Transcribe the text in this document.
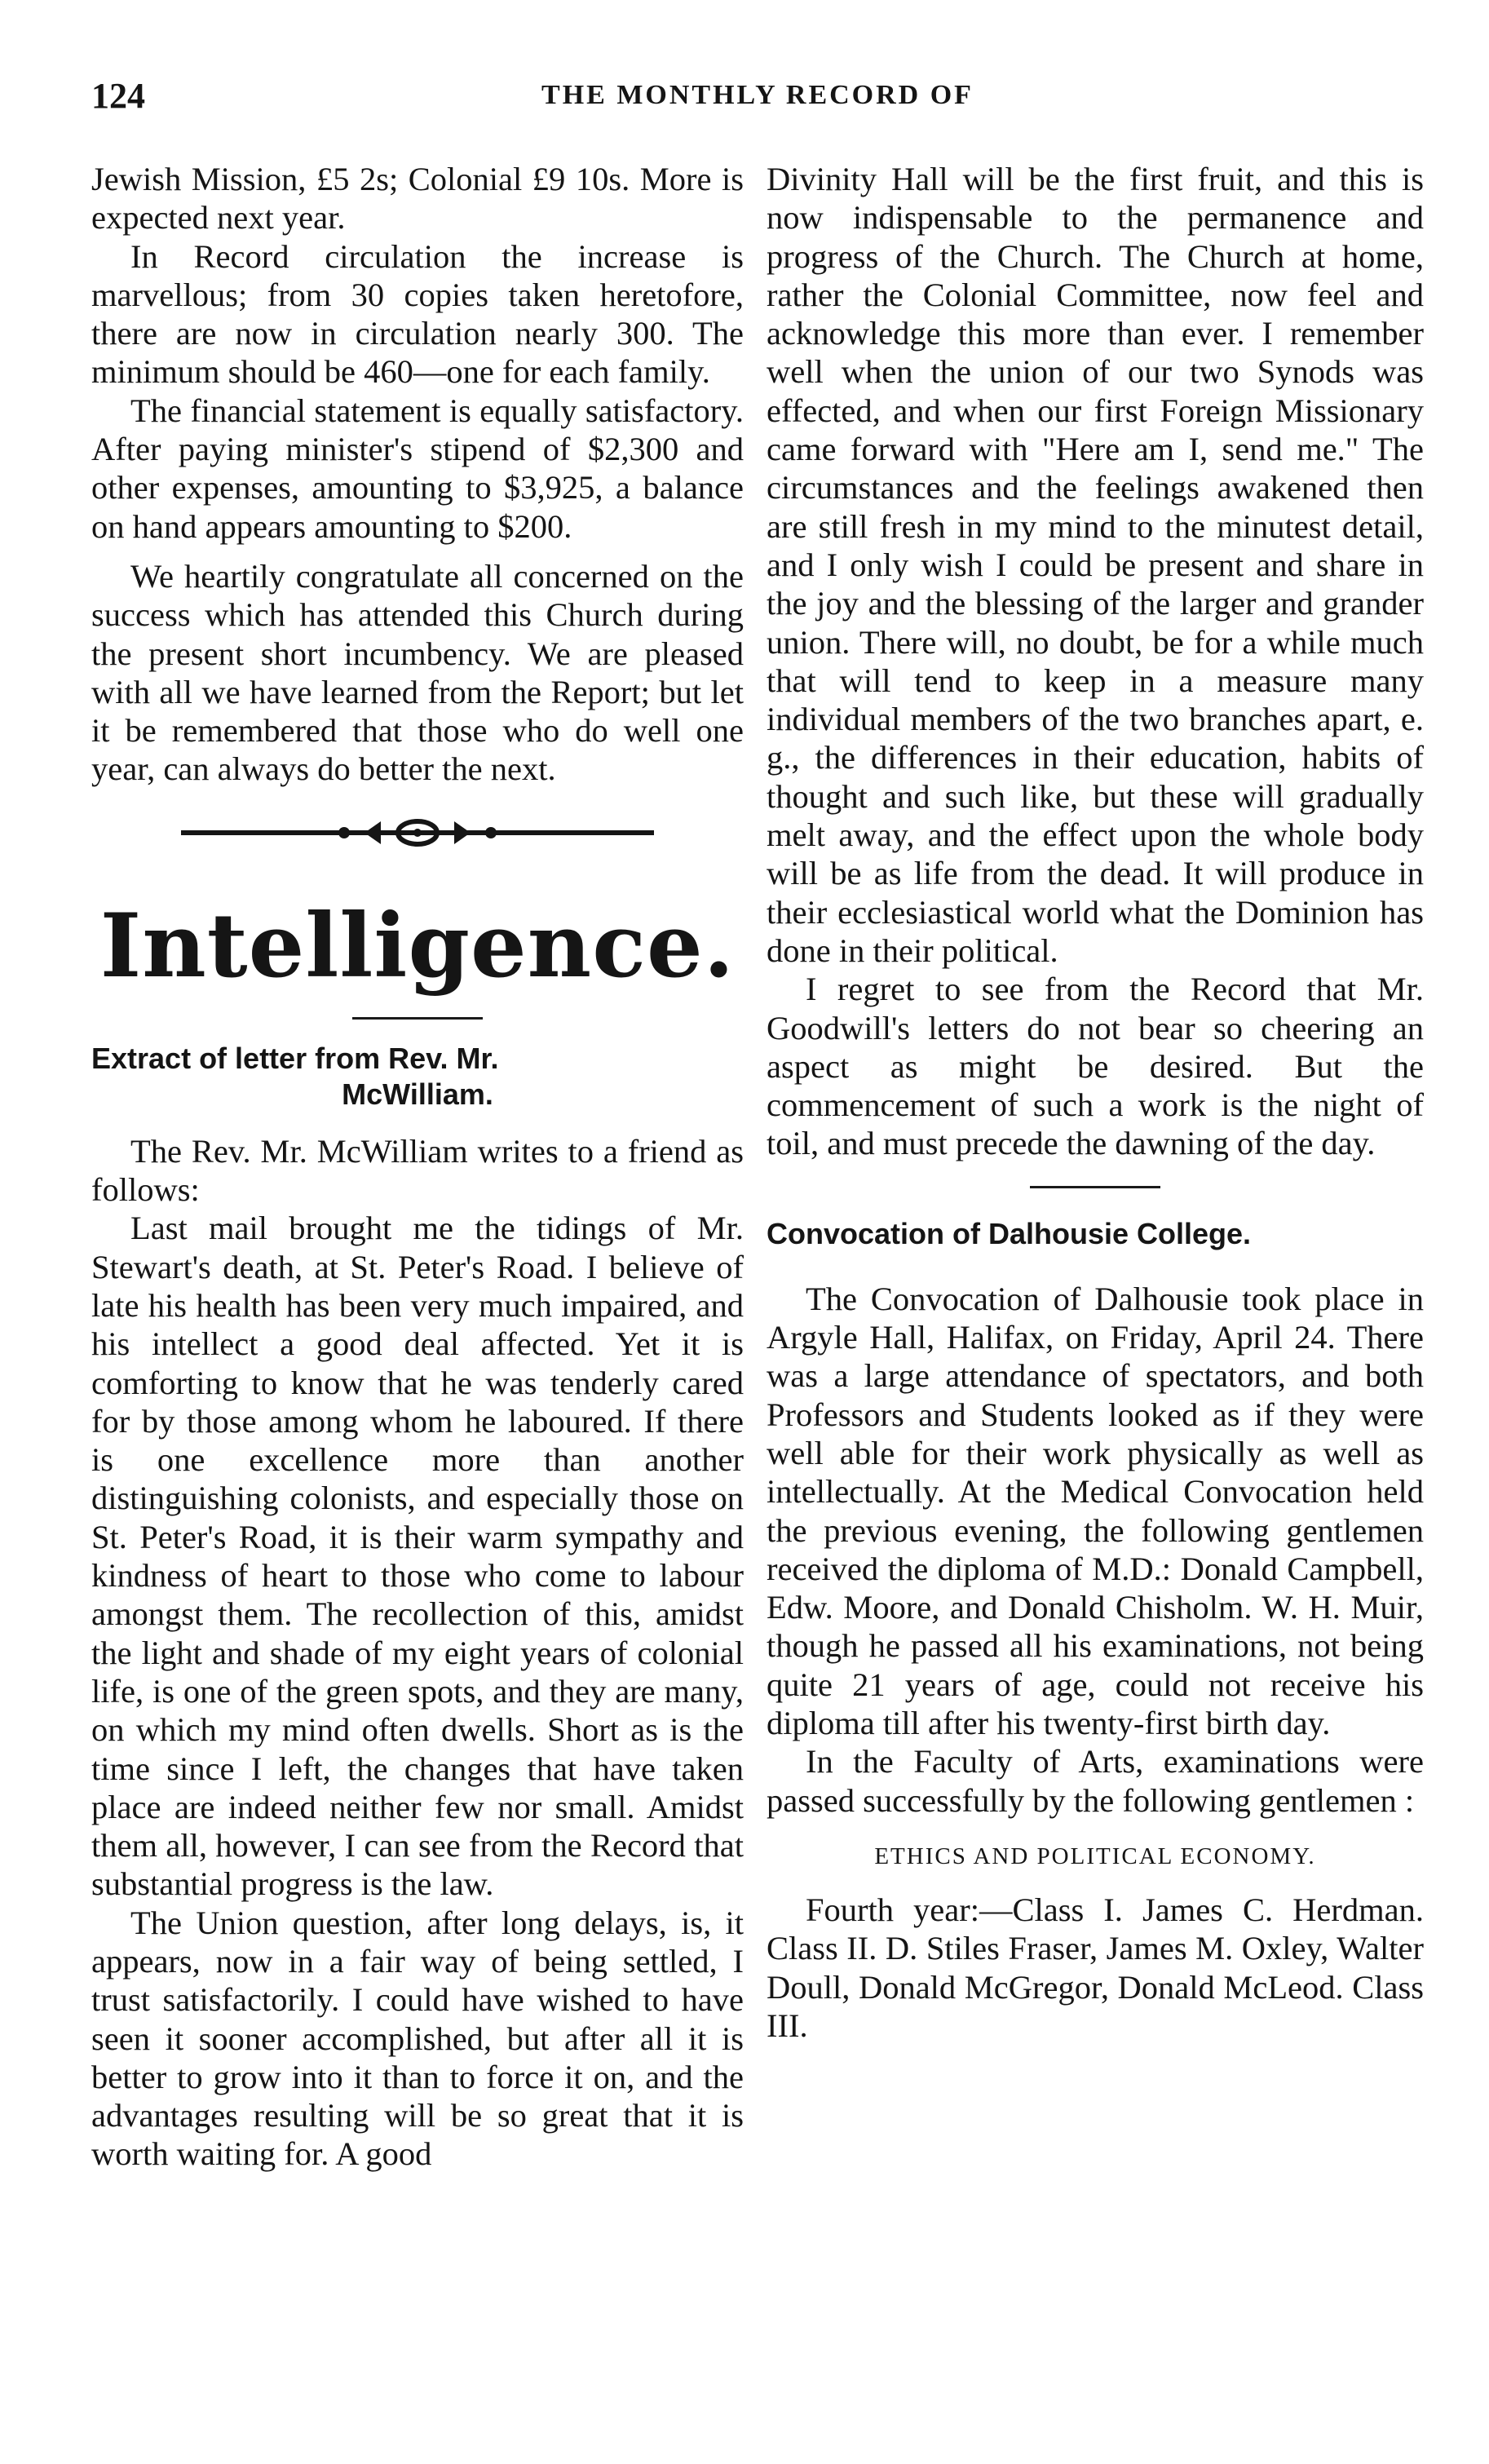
124	THE MONTHLY RECORD OF

Jewish Mission, £5 2s; Colonial £9 10s. More is expected next year.

In Record circulation the increase is marvellous; from 30 copies taken heretofore, there are now in circulation nearly 300. The minimum should be 460—one for each family.

The financial statement is equally satisfactory. After paying minister's stipend of $2,300 and other expenses, amounting to $3,925, a balance on hand appears amounting to $200.

We heartily congratulate all concerned on the success which has attended this Church during the present short incumbency. We are pleased with all we have learned from the Report; but let it be remembered that those who do well one year, can always do better the next.

Intelligence.
Extract of letter from Rev. Mr.
McWilliam.

The Rev. Mr. McWilliam writes to a friend as follows:

Last mail brought me the tidings of Mr. Stewart's death, at St. Peter's Road. I believe of late his health has been very much impaired, and his intellect a good deal affected. Yet it is comforting to know that he was tenderly cared for by those among whom he laboured. If there is one excellence more than another distinguishing colonists, and especially those on St. Peter's Road, it is their warm sympathy and kindness of heart to those who come to labour amongst them. The recollection of this, amidst the light and shade of my eight years of colonial life, is one of the green spots, and they are many, on which my mind often dwells. Short as is the time since I left, the changes that have taken place are indeed neither few nor small. Amidst them all, however, I can see from the Record that substantial progress is the law.

The Union question, after long delays, is, it appears, now in a fair way of being settled, I trust satisfactorily. I could have wished to have seen it sooner accomplished, but after all it is better to grow into it than to force it on, and the advantages resulting will be so great that it is worth waiting for. A good

Divinity Hall will be the first fruit, and this is now indispensable to the permanence and progress of the Church. The Church at home, rather the Colonial Committee, now feel and acknowledge this more than ever. I remember well when the union of our two Synods was effected, and when our first Foreign Missionary came forward with "Here am I, send me." The circumstances and the feelings awakened then are still fresh in my mind to the minutest detail, and I only wish I could be present and share in the joy and the blessing of the larger and grander union. There will, no doubt, be for a while much that will tend to keep in a measure many individual members of the two branches apart, e. g., the differences in their education, habits of thought and such like, but these will gradually melt away, and the effect upon the whole body will be as life from the dead. It will produce in their ecclesiastical world what the Dominion has done in their political.

I regret to see from the Record that Mr. Goodwill's letters do not bear so cheering an aspect as might be desired. But the commencement of such a work is the night of toil, and must precede the dawning of the day.

Convocation of Dalhousie College.

The Convocation of Dalhousie took place in Argyle Hall, Halifax, on Friday, April 24. There was a large attendance of spectators, and both Professors and Students looked as if they were well able for their work physically as well as intellectually. At the Medical Convocation held the previous evening, the following gentlemen received the diploma of M.D.: Donald Campbell, Edw. Moore, and Donald Chisholm. W. H. Muir, though he passed all his examinations, not being quite 21 years of age, could not receive his diploma till after his twenty-first birth day.

In the Faculty of Arts, examinations were passed successfully by the following gentlemen :

ETHICS AND POLITICAL ECONOMY.

Fourth year:—Class I. James C. Herdman. Class II. D. Stiles Fraser, James M. Oxley, Walter Doull, Donald McGregor, Donald McLeod. Class III.
